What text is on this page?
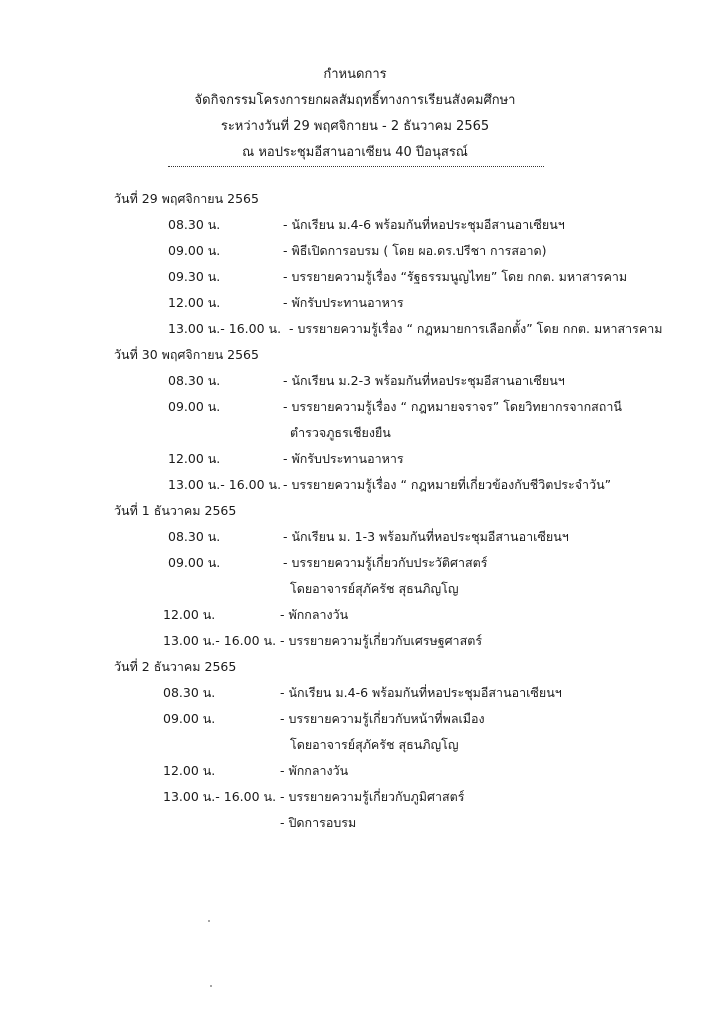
กำหนดการ
จัดกิจกรรมโครงการยกผลสัมฤทธิ์ทางการเรียนสังคมศึกษา
ระหว่างวันที่ 29 พฤศจิกายน - 2 ธันวาคม 2565
ณ หอประชุมอีสานอาเซียน 40 ปีอนุสรณ์
วันที่ 29 พฤศจิกายน 2565
08.30 น.	- นักเรียน ม.4-6 พร้อมกันที่หอประชุมอีสานอาเซียนฯ
09.00 น.	- พิธีเปิดการอบรม ( โดย ผอ.ดร.ปรีชา การสอาด)
09.30 น.	- บรรยายความรู้เรื่อง “รัฐธรรมนูญไทย” โดย กกต. มหาสารคาม
12.00 น.	- พักรับประทานอาหาร
13.00 น.- 16.00 น. - บรรยายความรู้เรื่อง “ กฎหมายการเลือกตั้ง” โดย กกต. มหาสารคาม
วันที่ 30 พฤศจิกายน 2565
08.30 น.	- นักเรียน ม.2-3 พร้อมกันที่หอประชุมอีสานอาเซียนฯ
09.00 น.	- บรรยายความรู้เรื่อง “ กฎหมายจราจร” โดยวิทยากรจากสถานี
ตำรวจภูธรเชียงยืน
12.00 น.	- พักรับประทานอาหาร
13.00 น.- 16.00 น. - บรรยายความรู้เรื่อง “ กฎหมายที่เกี่ยวข้องกับชีวิตประจำวัน”
วันที่ 1 ธันวาคม 2565
08.30 น.	- นักเรียน ม. 1-3 พร้อมกันที่หอประชุมอีสานอาเซียนฯ
09.00 น.	- บรรยายความรู้เกี่ยวกับประวัติศาสตร์
โดยอาจารย์สุภัครัช สุธนภิญโญ
12.00 น.	- พักกลางวัน
13.00 น.- 16.00 น. - บรรยายความรู้เกี่ยวกับเศรษฐศาสตร์
วันที่ 2 ธันวาคม 2565
08.30 น.	- นักเรียน ม.4-6 พร้อมกันที่หอประชุมอีสานอาเซียนฯ
09.00 น.	- บรรยายความรู้เกี่ยวกับหน้าที่พลเมือง
โดยอาจารย์สุภัครัช สุธนภิญโญ
12.00 น.	- พักกลางวัน
13.00 น.- 16.00 น. - บรรยายความรู้เกี่ยวกับภูมิศาสตร์
- ปิดการอบรม
